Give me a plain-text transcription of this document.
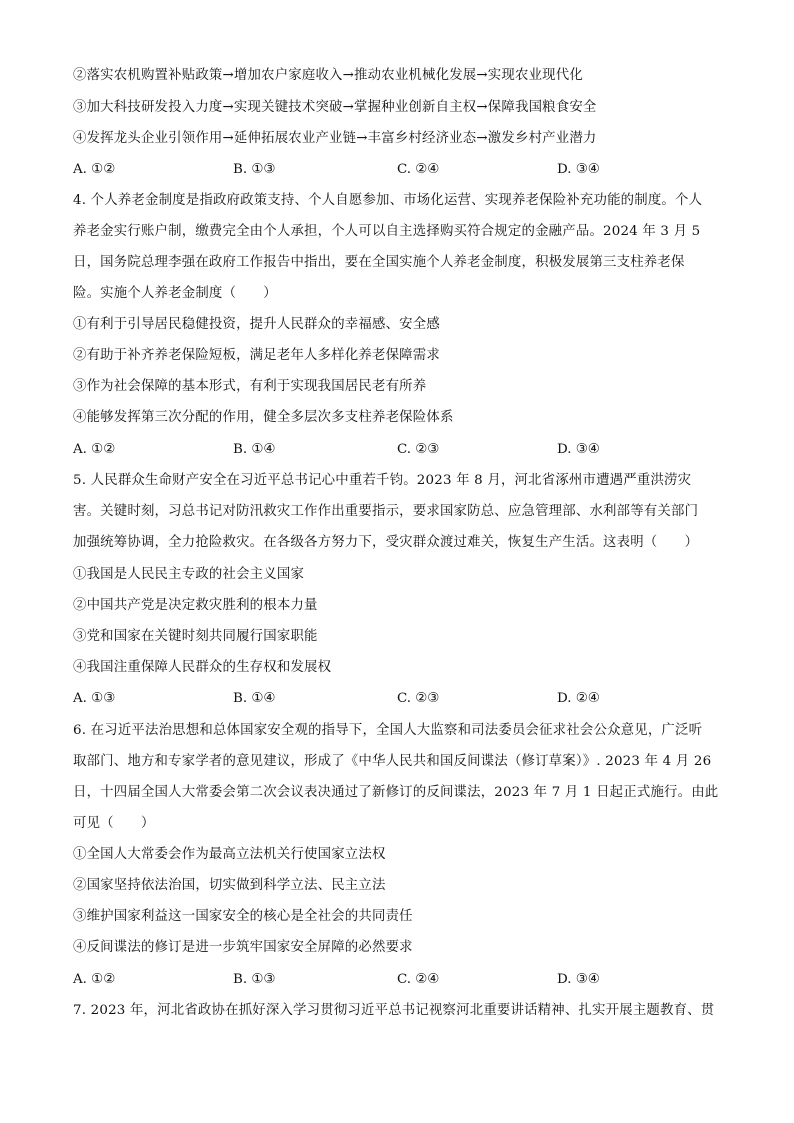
②落实农机购置补贴政策→增加农户家庭收入→推动农业机械化发展→实现农业现代化
③加大科技研发投入力度→实现关键技术突破→掌握种业创新自主权→保障我国粮食安全
④发挥龙头企业引领作用→延伸拓展农业产业链→丰富乡村经济业态→激发乡村产业潜力
A. ①②	B. ①③	C. ②④	D. ③④
4. 个人养老金制度是指政府政策支持、个人自愿参加、市场化运营、实现养老保险补充功能的制度。个人
养老金实行账户制，缴费完全由个人承担，个人可以自主选择购买符合规定的金融产品。2024 年 3 月 5
日，国务院总理李强在政府工作报告中指出，要在全国实施个人养老金制度，积极发展第三支柱养老保
险。实施个人养老金制度（　　）
①有利于引导居民稳健投资，提升人民群众的幸福感、安全感
②有助于补齐养老保险短板，满足老年人多样化养老保障需求
③作为社会保障的基本形式，有利于实现我国居民老有所养
④能够发挥第三次分配的作用，健全多层次多支柱养老保险体系
A. ①②	B. ①④	C. ②③	D. ③④
5. 人民群众生命财产安全在习近平总书记心中重若千钧。2023 年 8 月，河北省涿州市遭遇严重洪涝灾
害。关键时刻，习总书记对防汛救灾工作作出重要指示，要求国家防总、应急管理部、水利部等有关部门
加强统筹协调，全力抢险救灾。在各级各方努力下，受灾群众渡过难关，恢复生产生活。这表明（　　）
①我国是人民民主专政的社会主义国家
②中国共产党是决定救灾胜利的根本力量
③党和国家在关键时刻共同履行国家职能
④我国注重保障人民群众的生存权和发展权
A. ①③	B. ①④	C. ②③	D. ②④
6. 在习近平法治思想和总体国家安全观的指导下，全国人大监察和司法委员会征求社会公众意见，广泛听
取部门、地方和专家学者的意见建议，形成了《中华人民共和国反间谍法（修订草案）》. 2023 年 4 月 26
日，十四届全国人大常委会第二次会议表决通过了新修订的反间谍法，2023 年 7 月 1 日起正式施行。由此
可见（　　）
①全国人大常委会作为最高立法机关行使国家立法权
②国家坚持依法治国，切实做到科学立法、民主立法
③维护国家利益这一国家安全的核心是全社会的共同责任
④反间谍法的修订是进一步筑牢国家安全屏障的必然要求
A. ①②	B. ①③	C. ②④	D. ③④
7. 2023 年，河北省政协在抓好深入学习贯彻习近平总书记视察河北重要讲话精神、扎实开展主题教育、贯
